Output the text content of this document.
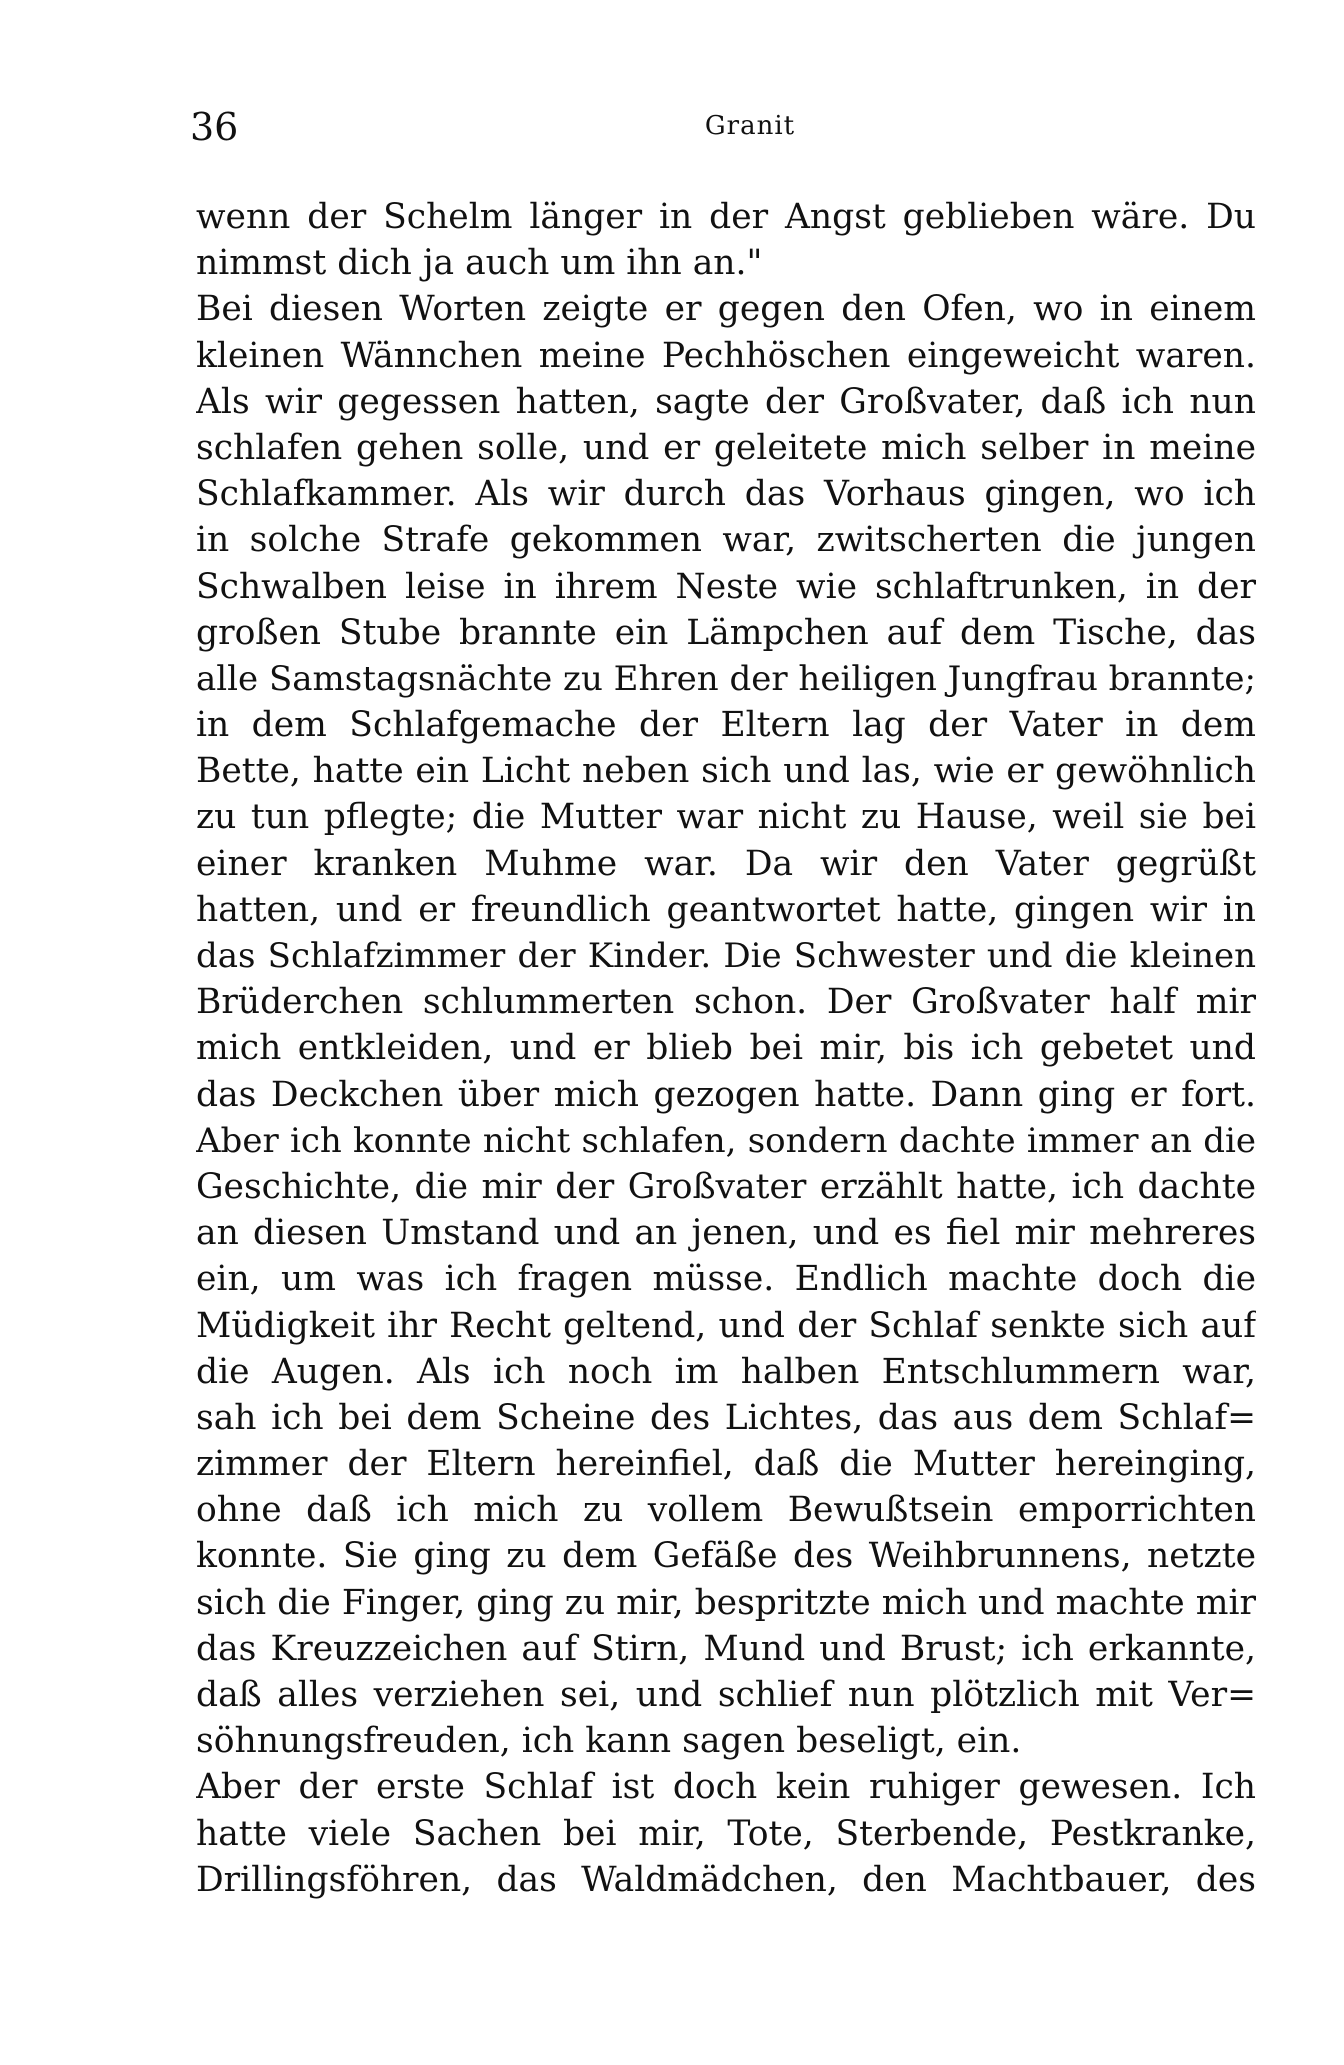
36	Granit
wenn der Schelm länger in der Angst geblieben wäre. Du
nimmst dich ja auch um ihn an."
Bei diesen Worten zeigte er gegen den Ofen, wo in einem
kleinen Wännchen meine Pechhöschen eingeweicht waren.
Als wir gegessen hatten, sagte der Großvater, daß ich nun
schlafen gehen solle, und er geleitete mich selber in meine
Schlafkammer. Als wir durch das Vorhaus gingen, wo ich
in solche Strafe gekommen war, zwitscherten die jungen
Schwalben leise in ihrem Neste wie schlaftrunken, in der
großen Stube brannte ein Lämpchen auf dem Tische, das
alle Samstagsnächte zu Ehren der heiligen Jungfrau brannte;
in dem Schlafgemache der Eltern lag der Vater in dem
Bette, hatte ein Licht neben sich und las, wie er gewöhnlich
zu tun pflegte; die Mutter war nicht zu Hause, weil sie bei
einer kranken Muhme war. Da wir den Vater gegrüßt
hatten, und er freundlich geantwortet hatte, gingen wir in
das Schlafzimmer der Kinder. Die Schwester und die kleinen
Brüderchen schlummerten schon. Der Großvater half mir
mich entkleiden, und er blieb bei mir, bis ich gebetet und
das Deckchen über mich gezogen hatte. Dann ging er fort.
Aber ich konnte nicht schlafen, sondern dachte immer an die
Geschichte, die mir der Großvater erzählt hatte, ich dachte
an diesen Umstand und an jenen, und es fiel mir mehreres
ein, um was ich fragen müsse. Endlich machte doch die
Müdigkeit ihr Recht geltend, und der Schlaf senkte sich auf
die Augen. Als ich noch im halben Entschlummern war,
sah ich bei dem Scheine des Lichtes, das aus dem Schlaf=
zimmer der Eltern hereinfiel, daß die Mutter hereinging,
ohne daß ich mich zu vollem Bewußtsein emporrichten
konnte. Sie ging zu dem Gefäße des Weihbrunnens, netzte
sich die Finger, ging zu mir, bespritzte mich und machte mir
das Kreuzzeichen auf Stirn, Mund und Brust; ich erkannte,
daß alles verziehen sei, und schlief nun plötzlich mit Ver=
söhnungsfreuden, ich kann sagen beseligt, ein.
Aber der erste Schlaf ist doch kein ruhiger gewesen. Ich
hatte viele Sachen bei mir, Tote, Sterbende, Pestkranke,
Drillingsföhren, das Waldmädchen, den Machtbauer, des
